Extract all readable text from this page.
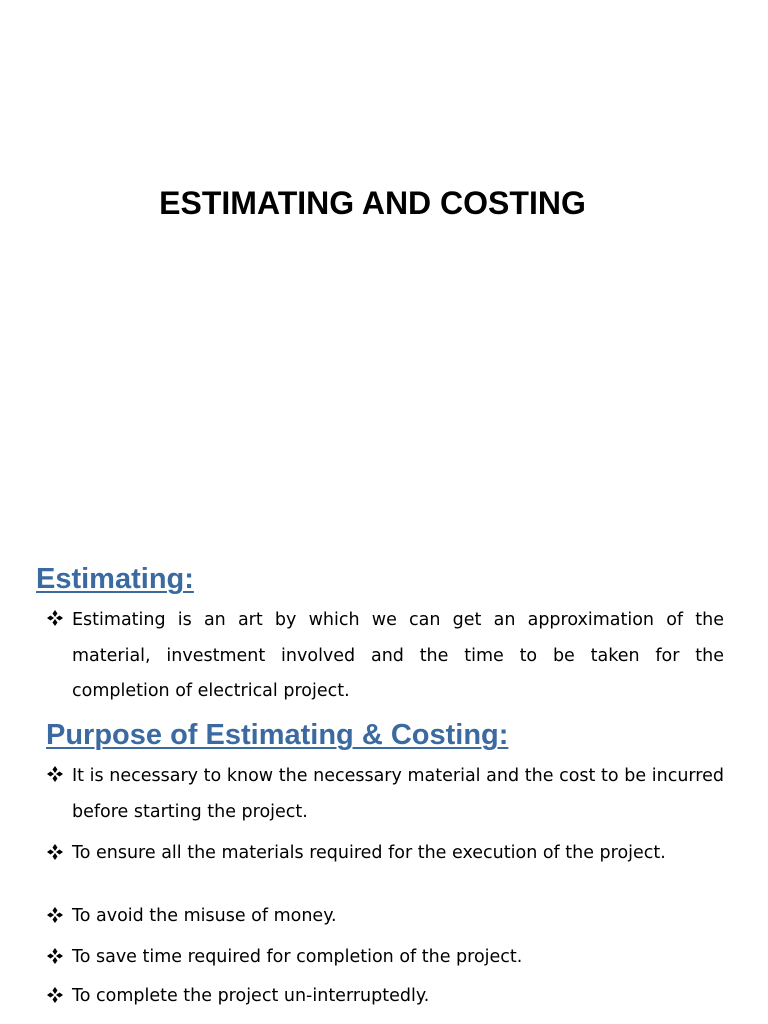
ESTIMATING AND COSTING
Estimating:
Estimating is an art by which we can get an approximation of the material, investment involved and the time to be taken for the completion of electrical project.
Purpose of Estimating & Costing:
It is necessary to know the necessary material and the cost to be incurred before starting the project.
To ensure all the materials required for the execution of the project.
To avoid the misuse of money.
To save time required for completion of the project.
To complete the project un-interruptedly.
